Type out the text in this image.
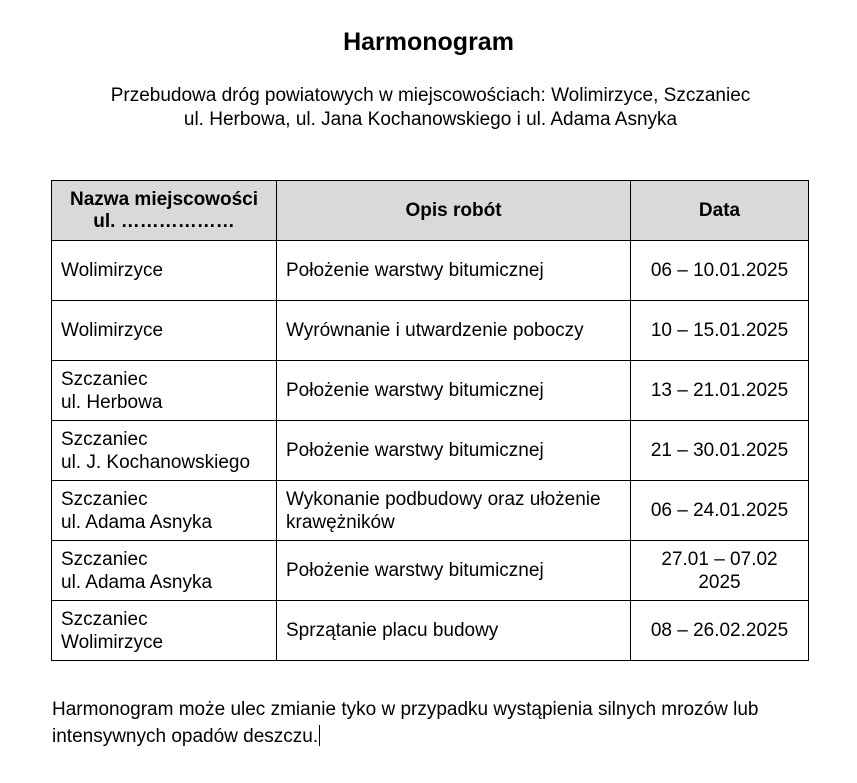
Harmonogram
Przebudowa dróg powiatowych w miejscowościach: Wolimirzyce, Szczaniec
ul. Herbowa, ul. Jana Kochanowskiego i ul. Adama Asnyka
Nazwa miejscowości
ul. ………………	Opis robót	Data

Wolimirzyce	Położenie warstwy bitumicznej	06 – 10.01.2025

Wolimirzyce	Wyrównanie i utwardzenie poboczy	10 – 15.01.2025

Szczaniec
ul. Herbowa	Położenie warstwy bitumicznej	13 – 21.01.2025

Szczaniec
ul. J. Kochanowskiego	Położenie warstwy bitumicznej	21 – 30.01.2025

Szczaniec
ul. Adama Asnyka	Wykonanie podbudowy oraz ułożenie krawężników	06 – 24.01.2025

Szczaniec
ul. Adama Asnyka	Położenie warstwy bitumicznej	27.01 – 07.02
2025

Szczaniec
Wolimirzyce	Sprzątanie placu budowy	08 – 26.02.2025
Harmonogram może ulec zmianie tyko w przypadku wystąpienia silnych mrozów lub intensywnych opadów deszczu.
